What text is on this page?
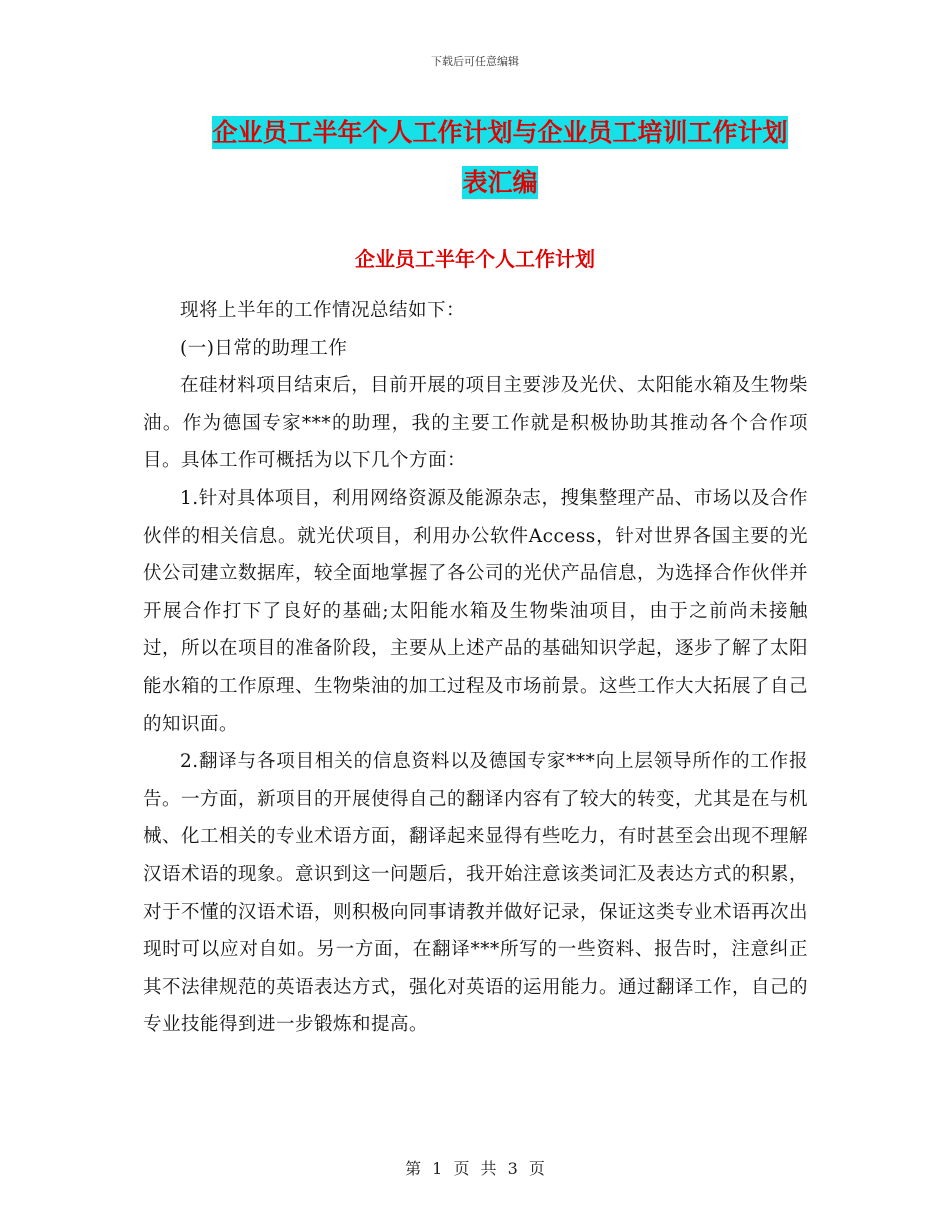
下载后可任意编辑
企业员工半年个人工作计划与企业员工培训工作计划
表汇编
企业员工半年个人工作计划

现将上半年的工作情况总结如下：

(一)日常的助理工作

在硅材料项目结束后，目前开展的项目主要涉及光伏、太阳能水箱及生物柴油。作为德国专家***的助理，我的主要工作就是积极协助其推动各个合作项目。具体工作可概括为以下几个方面：

1.针对具体项目，利用网络资源及能源杂志，搜集整理产品、市场以及合作伙伴的相关信息。就光伏项目，利用办公软件Access，针对世界各国主要的光伏公司建立数据库，较全面地掌握了各公司的光伏产品信息，为选择合作伙伴并开展合作打下了良好的基础;太阳能水箱及生物柴油项目，由于之前尚未接触过，所以在项目的准备阶段，主要从上述产品的基础知识学起，逐步了解了太阳能水箱的工作原理、生物柴油的加工过程及市场前景。这些工作大大拓展了自己的知识面。

2.翻译与各项目相关的信息资料以及德国专家***向上层领导所作的工作报告。一方面，新项目的开展使得自己的翻译内容有了较大的转变，尤其是在与机械、化工相关的专业术语方面，翻译起来显得有些吃力，有时甚至会出现不理解汉语术语的现象。意识到这一问题后，我开始注意该类词汇及表达方式的积累，对于不懂的汉语术语，则积极向同事请教并做好记录，保证这类专业术语再次出现时可以应对自如。另一方面，在翻译***所写的一些资料、报告时，注意纠正其不法律规范的英语表达方式，强化对英语的运用能力。通过翻译工作，自己的专业技能得到进一步锻炼和提高。

第 1 页 共 3 页
